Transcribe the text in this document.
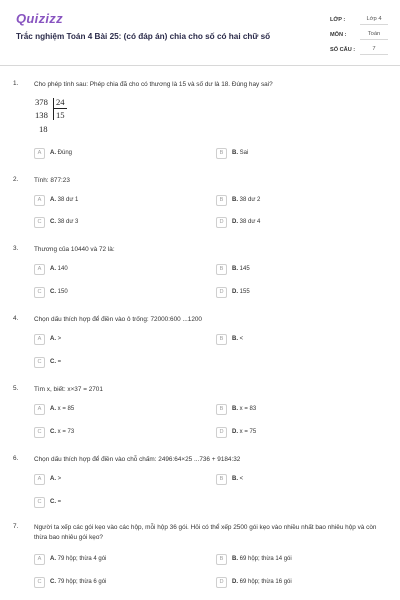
Quizizz
Trắc nghiệm Toán 4 Bài 25: (có đáp án) chia cho số có hai chữ số
LỚP :	Lớp 4
MÔN :	Toán
SỐ CÂU :	7
1. Cho phép tính sau: Phép chia đã cho có thương là 15 và số dư là 18. Đúng hay sai?
378 24
138 15
18
A	A. Đúng	B	B. Sai
2. Tính: 877:23
A	A. 38 dư 1	B	B. 38 dư 2
C	C. 38 dư 3	D	D. 38 dư 4
3. Thương của 10440 và 72 là:
A	A. 140	B	B. 145
C	C. 150	D	D. 155
4. Chọn dấu thích hợp để điền vào ô trống: 72000:600 ...1200
A	A. >	B	B. <
C	C. =
5. Tìm x, biết: x×37 = 2701
A	A. x = 85	B	B. x = 83
C	C. x = 73	D	D. x = 75
6. Chọn dấu thích hợp để điền vào chỗ chấm: 2496:64×25 ...736 + 9184:32
A	A. >	B	B. <
C	C. =
7. Người ta xếp các gói kẹo vào các hộp, mỗi hộp 36 gói. Hỏi có thể xếp 2500 gói kẹo vào nhiều nhất bao nhiêu hộp và còn thừa bao nhiêu gói kẹo?
A	A. 79 hộp; thừa 4 gói	B	B. 69 hộp; thừa 14 gói
C	C. 79 hộp; thừa 6 gói	D	D. 69 hộp; thừa 16 gói
